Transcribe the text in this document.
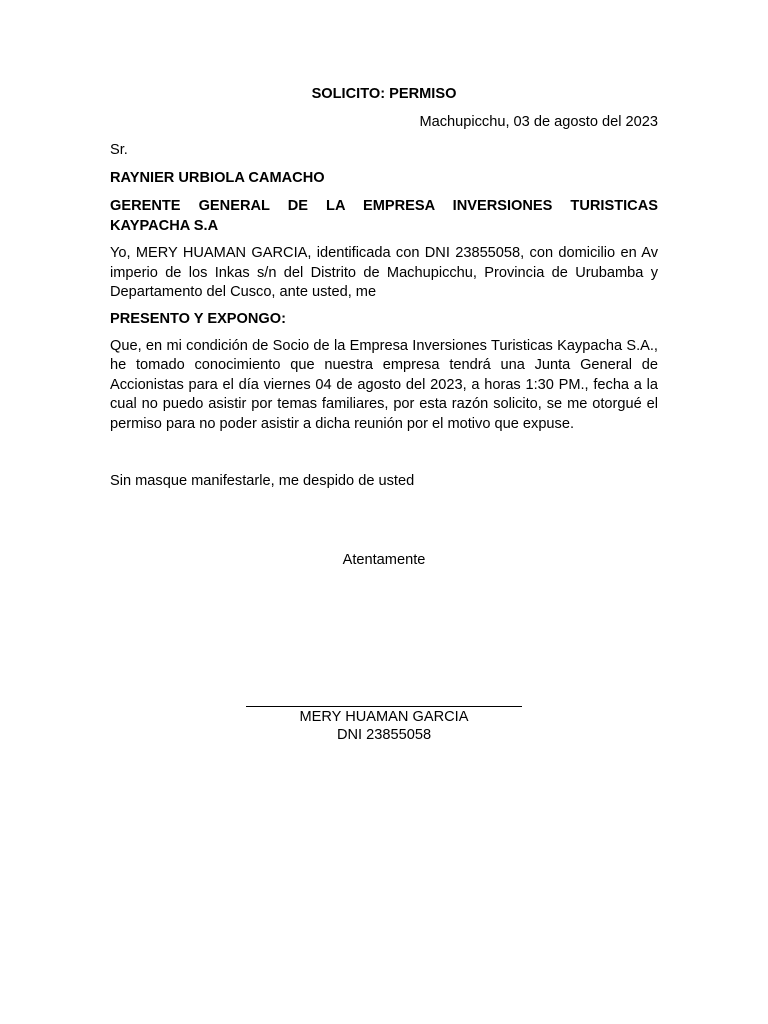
SOLICITO: PERMISO

Machupicchu, 03 de agosto del 2023

Sr.

RAYNIER URBIOLA CAMACHO

GERENTE GENERAL DE LA EMPRESA INVERSIONES TURISTICAS KAYPACHA S.A

Yo, MERY HUAMAN GARCIA, identificada con DNI 23855058, con domicilio en Av imperio de los Inkas s/n del Distrito de Machupicchu, Provincia de Urubamba y Departamento del Cusco, ante usted, me

PRESENTO Y EXPONGO:

Que, en mi condición de Socio de la Empresa Inversiones Turisticas Kaypacha S.A., he tomado conocimiento que nuestra empresa tendrá una Junta General de Accionistas para el día viernes 04 de agosto del 2023, a horas 1:30 PM., fecha a la cual no puedo asistir por temas familiares, por esta razón solicito, se me otorgué el permiso para no poder asistir a dicha reunión por el motivo que expuse.

Sin masque manifestarle, me despido de usted

Atentamente
MERY HUAMAN GARCIA
DNI 23855058
